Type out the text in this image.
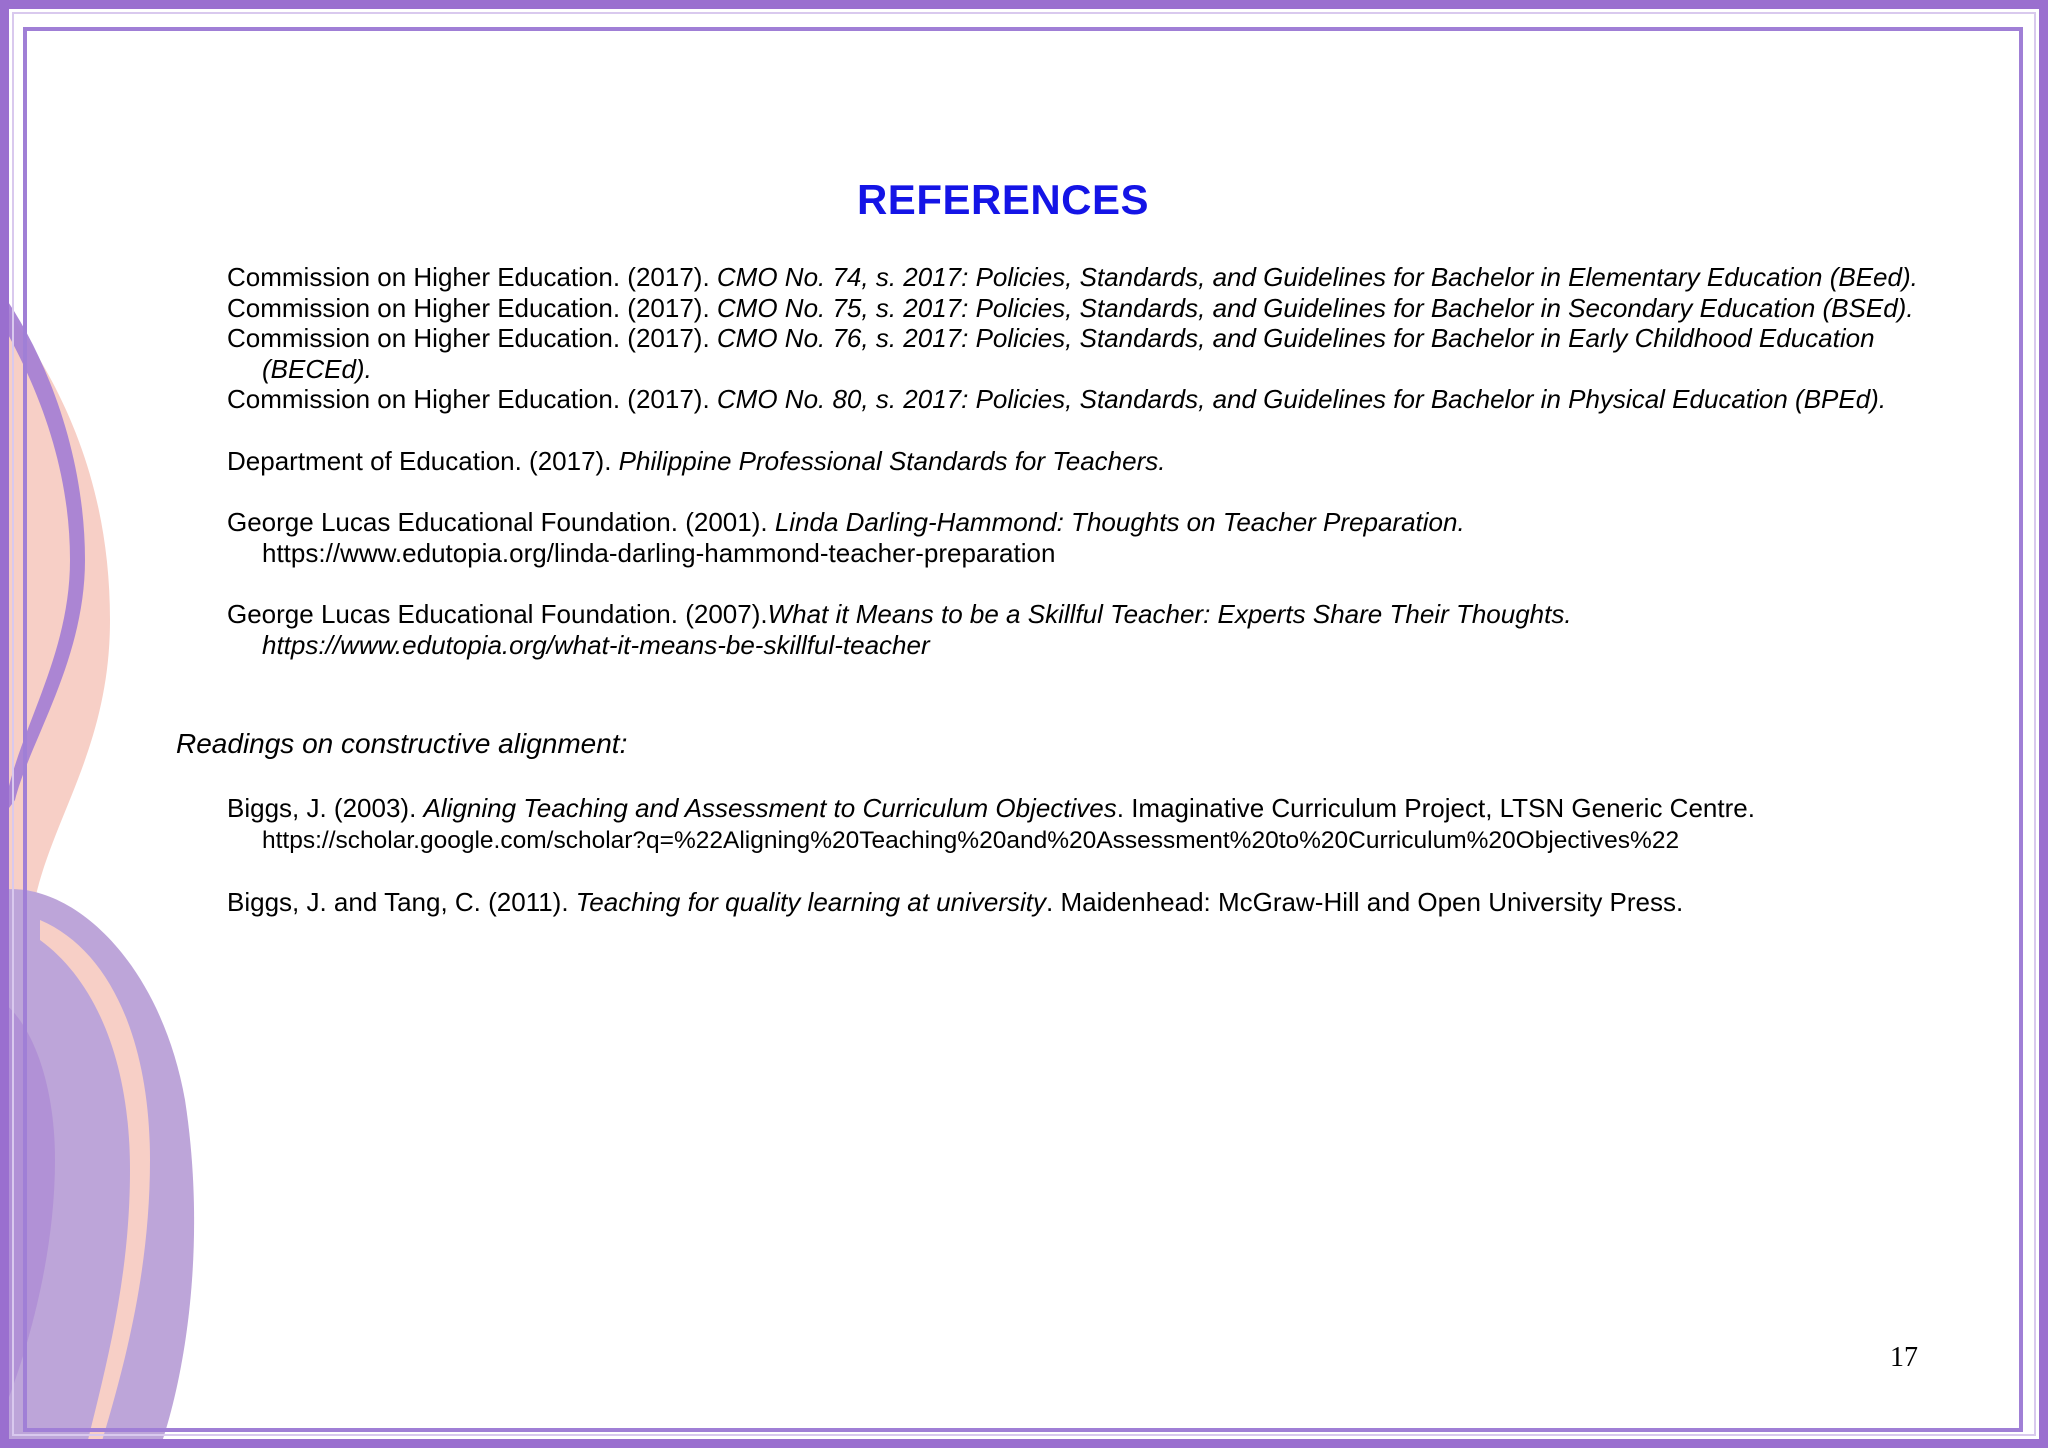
REFERENCES

Commission on Higher Education. (2017). CMO No. 74, s. 2017: Policies, Standards, and Guidelines for Bachelor in Elementary Education (BEed).

Commission on Higher Education. (2017). CMO No. 75, s. 2017: Policies, Standards, and Guidelines for Bachelor in Secondary Education (BSEd).

Commission on Higher Education. (2017). CMO No. 76, s. 2017: Policies, Standards, and Guidelines for Bachelor in Early Childhood Education (BECEd).

Commission on Higher Education. (2017). CMO No. 80, s. 2017: Policies, Standards, and Guidelines for Bachelor in Physical Education (BPEd).

Department of Education. (2017). Philippine Professional Standards for Teachers.

George Lucas Educational Foundation. (2001). Linda Darling-Hammond: Thoughts on Teacher Preparation.
https://www.edutopia.org/linda-darling-hammond-teacher-preparation

George Lucas Educational Foundation. (2007).What it Means to be a Skillful Teacher: Experts Share Their Thoughts.
https://www.edutopia.org/what-it-means-be-skillful-teacher

Readings on constructive alignment:

Biggs, J. (2003). Aligning Teaching and Assessment to Curriculum Objectives. Imaginative Curriculum Project, LTSN Generic Centre.
https://scholar.google.com/scholar?q=%22Aligning%20Teaching%20and%20Assessment%20to%20Curriculum%20Objectives%22

Biggs, J. and Tang, C. (2011). Teaching for quality learning at university. Maidenhead: McGraw-Hill and Open University Press.

17
